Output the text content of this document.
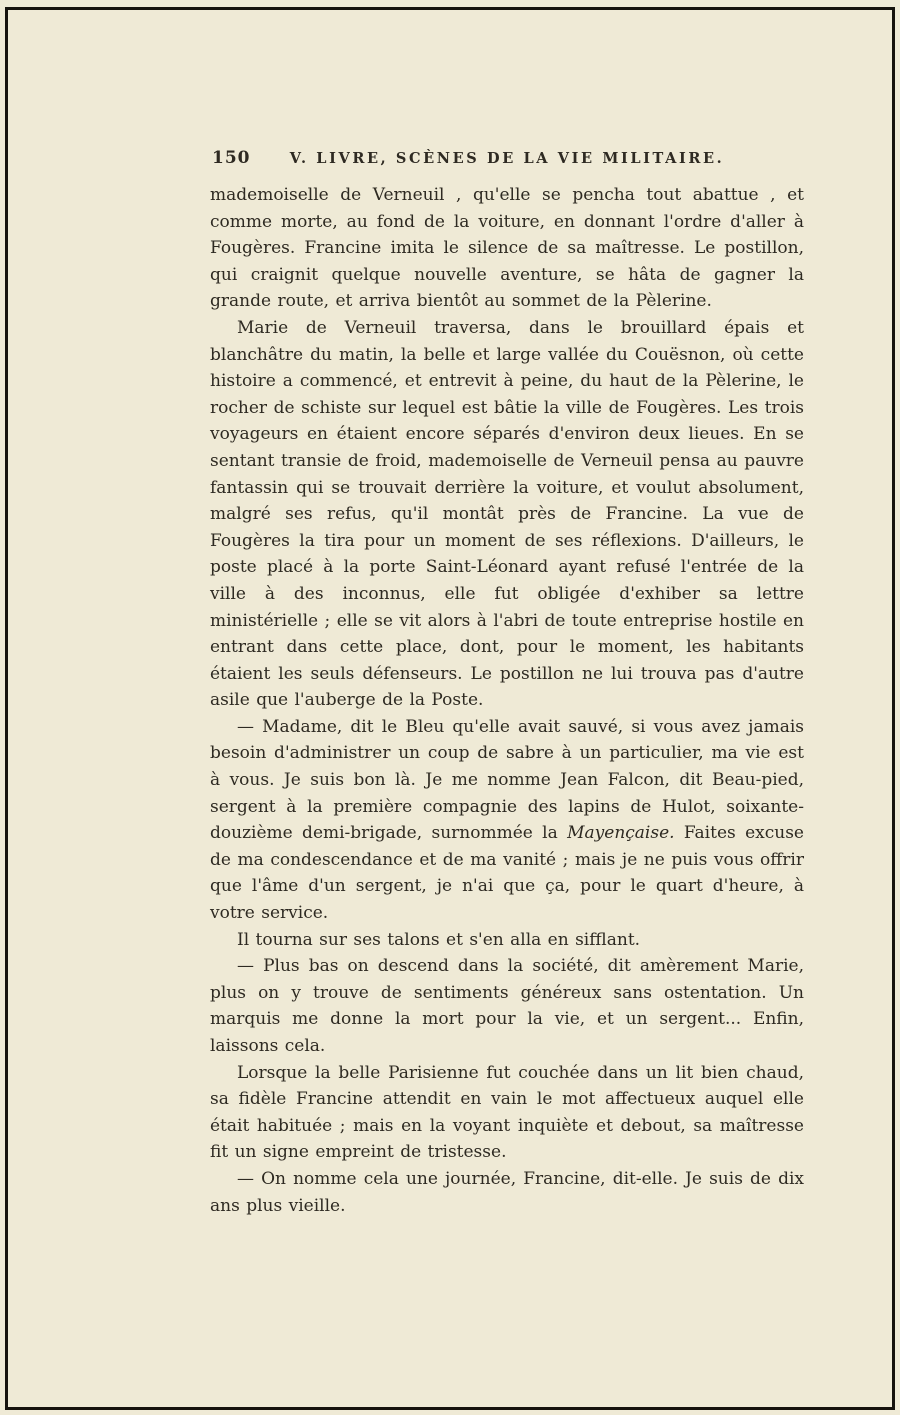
150	V. LIVRE, SCÈNES DE LA VIE MILITAIRE.

mademoiselle de Verneuil , qu'elle se pencha tout abattue , et comme morte, au fond de la voiture, en donnant l'ordre d'aller à Fougères. Francine imita le silence de sa maîtresse. Le postillon, qui craignit quelque nouvelle aventure, se hâta de gagner la grande route, et arriva bientôt au sommet de la Pèlerine.

Marie de Verneuil traversa, dans le brouillard épais et blanchâtre du matin, la belle et large vallée du Couësnon, où cette histoire a commencé, et entrevit à peine, du haut de la Pèlerine, le rocher de schiste sur lequel est bâtie la ville de Fougères. Les trois voyageurs en étaient encore séparés d'environ deux lieues. En se sentant transie de froid, mademoiselle de Verneuil pensa au pauvre fantassin qui se trouvait derrière la voiture, et voulut absolument, malgré ses refus, qu'il montât près de Francine. La vue de Fougères la tira pour un moment de ses réflexions. D'ailleurs, le poste placé à la porte Saint-Léonard ayant refusé l'entrée de la ville à des inconnus, elle fut obligée d'exhiber sa lettre ministérielle ; elle se vit alors à l'abri de toute entreprise hostile en entrant dans cette place, dont, pour le moment, les habitants étaient les seuls défenseurs. Le postillon ne lui trouva pas d'autre asile que l'auberge de la Poste.

— Madame, dit le Bleu qu'elle avait sauvé, si vous avez jamais besoin d'administrer un coup de sabre à un particulier, ma vie est à vous. Je suis bon là. Je me nomme Jean Falcon, dit Beau-pied, sergent à la première compagnie des lapins de Hulot, soixante-douzième demi-brigade, surnommée la Mayençaise. Faites excuse de ma condescendance et de ma vanité ; mais je ne puis vous offrir que l'âme d'un sergent, je n'ai que ça, pour le quart d'heure, à votre service.

Il tourna sur ses talons et s'en alla en sifflant.

— Plus bas on descend dans la société, dit amèrement Marie, plus on y trouve de sentiments généreux sans ostentation. Un marquis me donne la mort pour la vie, et un sergent... Enfin, laissons cela.

Lorsque la belle Parisienne fut couchée dans un lit bien chaud, sa fidèle Francine attendit en vain le mot affectueux auquel elle était habituée ; mais en la voyant inquiète et debout, sa maîtresse fit un signe empreint de tristesse.

— On nomme cela une journée, Francine, dit-elle. Je suis de dix ans plus vieille.
